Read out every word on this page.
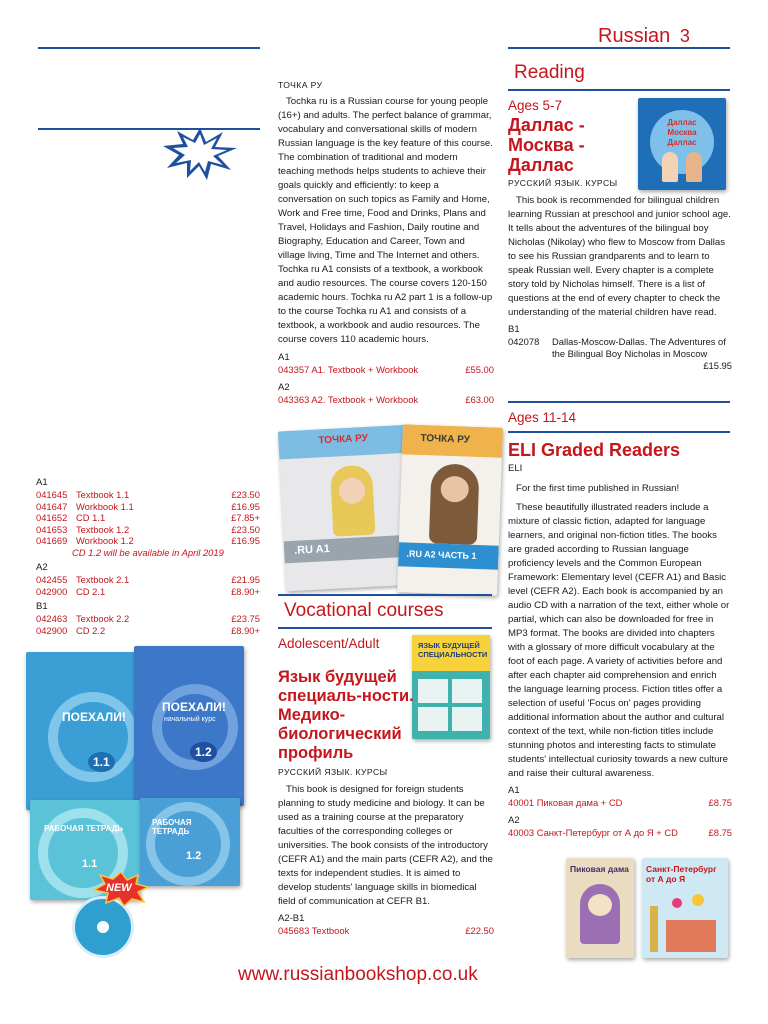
Russian 3
ТОЧКА РУ

Tochka ru is a Russian course for young people (16+) and adults. The perfect balance of grammar, vocabulary and conversational skills of modern Russian language is the key feature of this course. The combination of traditional and modern teaching methods helps students to achieve their goals quickly and efficiently: to keep a conversation on such topics as Family and Home, Work and Free time, Food and Drinks, Plans and Travel, Holidays and Fashion, Daily routine and Biography, Education and Career, Town and village living, Time and The Internet and others.

Tochka ru A1 consists of a textbook, a workbook and audio resources. The course covers 120-150 academic hours. Tochka ru A2 part 1 is a follow-up to the course Tochka ru A1 and consists of a textbook, a workbook and audio resources. The course covers 110 academic hours.

A1
043357 A1. Textbook + Workbook	£55.00
A2
043363 A2. Textbook + Workbook	£63.00
ТОЧКА РУ
.RU A1
ТОЧКА РУ
.RU A2 ЧАСТЬ 1
A1
041645 Textbook 1.1	£23.50
041647 Workbook 1.1	£16.95
041652 CD 1.1	£7.85+
041653 Textbook 1.2	£23.50
041669 Workbook 1.2	£16.95
CD 1.2 will be available in April 2019
A2
042455 Textbook 2.1	£21.95
042900 CD 2.1	£8.90+
B1
042463 Textbook 2.2	£23.75
042900 CD 2.2	£8.90+
ПОЕХАЛИ!
1.1
ПОЕХАЛИ!
начальный курс
1.2
РАБОЧАЯ ТЕТРАДЬ
1.1
РАБОЧАЯ ТЕТРАДЬ
1.2
NEW
Vocational courses
Adolescent/Adult	ЯЗЫК БУДУЩЕЙ СПЕЦИАЛЬНОСТИ
Язык будущей специаль-ности. Медико-биологический профиль
РУССКИЙ ЯЗЫК. КУРСЫ

This book is designed for foreign students planning to study medicine and biology. It can be used as a training course at the preparatory faculties of the corresponding colleges or universities. The book consists of the introductory (CEFR A1) and the main parts (CEFR A2), and the texts for independent studies. It is aimed to develop students' language skills in biomedical field of communication at CEFR B1.

A2-B1
045683 Textbook	£22.50
Reading
Даллас Москва Даллас
Ages 5-7
Даллас - Москва - Даллас
РУССКИЙ ЯЗЫК. КУРСЫ

This book is recommended for bilingual children learning Russian at preschool and junior school age. It tells about the adventures of the bilingual boy Nicholas (Nikolay) who flew to Moscow from Dallas to see his Russian grandparents and to learn to speak Russian well. Every chapter is a complete story told by Nicholas himself. There is a list of questions at the end of every chapter to check the understanding of the material children have read.

B1
042078	Dallas-Moscow-Dallas. The Adventures of the Bilingual Boy Nicholas in Moscow
£15.95
Ages 11-14
ELI Graded Readers
ELI

For the first time published in Russian!

These beautifully illustrated readers include a mixture of classic fiction, adapted for language learners, and original non-fiction titles. The books are graded according to Russian language proficiency levels and the Common European Framework: Elementary level (CEFR A1) and Basic level (CEFR A2). Each book is accompanied by an audio CD with a narration of the text, either whole or partial, which can also be downloaded for free in MP3 format. The books are divided into chapters with a glossary of more difficult vocabulary at the foot of each page. A variety of activities before and after each chapter aid comprehension and enrich the language learning process. Fiction titles offer a selection of useful 'Focus on' pages providing additional information about the author and cultural context of the text, while non-fiction titles include stunning photos and interesting facts to stimulate students' intellectual curiosity towards a new culture and raise their cultural awareness.

A1
40001 Пиковая дама + CD	£8.75
A2
40003 Санкт-Петербург от А до Я + CD	£8.75
Пиковая дама Санкт-Петербург от А до Я
www.russianbookshop.co.uk
